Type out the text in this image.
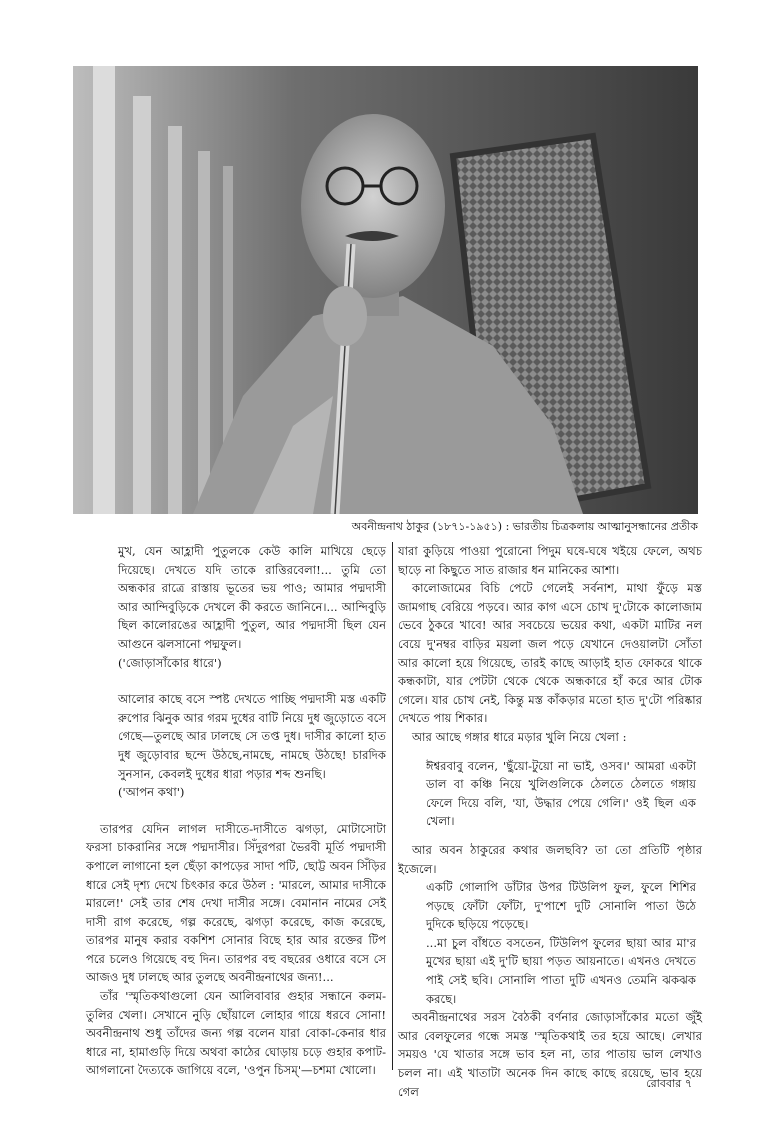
অবনীন্দ্রনাথ ঠাকুর (১৮৭১-১৯৫১) : ভারতীয় চিত্রকলায় আত্মানুসন্ধানের প্রতীক

মুখ, যেন আহ্লাদী পুতুলকে কেউ কালি মাখিয়ে ছেড়ে দিয়েছে। দেখতে যদি তাকে রাত্তিরবেলা!... তুমি তো অন্ধকার রাত্রে রাস্তায় ভূতের ভয় পাও; আমার পদ্মদাসী আর আন্দিবুড়িকে দেখলে কী করতে জানিনে।... আন্দিবুড়ি ছিল কালোরঙের আহ্লাদী পুতুল, আর পদ্মদাসী ছিল যেন আগুনে ঝলসানো পদ্মফুল।

('জোড়াসাঁকোর ধারে')

আলোর কাছে বসে স্পষ্ট দেখতে পাচ্ছি পদ্মদাসী মস্ত একটি রুপোর ঝিনুক আর গরম দুধের বাটি নিয়ে দুধ জুড়োতে বসে গেছে—তুলছে আর ঢালছে সে তপ্ত দুধ। দাসীর কালো হাত দুধ জুড়োবার ছন্দে উঠছে,নামছে, নামছে উঠছে! চারদিক সুনসান, কেবলই দুধের ধারা পড়ার শব্দ শুনছি।

('আপন কথা')

তারপর যেদিন লাগল দাসীতে-দাসীতে ঝগড়া, মোটাসোটা ফরসা চাকরানির সঙ্গে পদ্মদাসীর। সিঁদুরপরা ভৈরবী মূর্তি পদ্মদাসী কপালে লাগানো হল ছেঁড়া কাপড়ের সাদা পটি, ছোট্ট অবন সিঁড়ির ধারে সেই দৃশ্য দেখে চিৎকার করে উঠল : 'মারলে, আমার দাসীকে মারলে!' সেই তার শেষ দেখা দাসীর সঙ্গে। বেমানান নামের সেই দাসী রাগ করেছে, গল্প করেছে, ঝগড়া করেছে, কাজ করেছে, তারপর মানুষ করার বকশিশ সোনার বিছে হার আর রক্তের টিপ পরে চলেও গিয়েছে বহু দিন। তারপর বহু বছরের ওধারে বসে সে আজও দুধ ঢালছে আর তুলছে অবনীন্দ্রনাথের জন্য!...

তাঁর 'স্মৃতিকথাগুলো যেন আলিবাবার গুহার সন্ধানে কলম-তুলির খেলা। সেখানে নুড়ি ছোঁয়ালে লোহার গায়ে ধরবে সোনা! অবনীন্দ্রনাথ শুধু তাঁদের জন্য গল্প বলেন যারা বোকা-কেনার ধার ধারে না, হামাগুড়ি দিয়ে অথবা কাঠের ঘোড়ায় চড়ে গুহার কপাট-আগলানো দৈত্যকে জাগিয়ে বলে, 'ওপুন চিসম্'—চশমা খোলো।

যারা কুড়িয়ে পাওয়া পুরোনো পিদুম ঘষে-ঘষে খইয়ে ফেলে, অথচ ছাড়ে না কিছুতে সাত রাজার ধন মানিকের আশা।

কালোজামের বিচি পেটে গেলেই সর্বনাশ, মাথা ফুঁড়ে মস্ত জামগাছ বেরিয়ে পড়বে। আর কাগ এসে চোখ দু'টোকে কালোজাম ভেবে ঠুকরে খাবে! আর সবচেয়ে ভয়ের কথা, একটা মাটির নল বেয়ে দু'নম্বর বাড়ির ময়লা জল পড়ে যেখানে দেওয়ালটা সোঁতা আর কালো হয়ে গিয়েছে, তারই কাছে আড়াই হাত ফোকরে থাকে কন্ধকাটা, যার পেটটা থেকে থেকে অন্ধকারে হাঁ করে আর টোক গেলে। যার চোখ নেই, কিন্তু মস্ত কাঁকড়ার মতো হাত দু'টো পরিষ্কার দেখতে পায় শিকার।

আর আছে গঙ্গার ধারে মড়ার খুলি নিয়ে খেলা :

ঈশ্বরবাবু বলেন, 'ছুঁয়ো-টুয়ো না ভাই, ওসব।' আমরা একটা ডাল বা কঞ্চি নিয়ে খুলিগুলিকে ঠেলতে ঠেলতে গঙ্গায় ফেলে দিয়ে বলি, 'যা, উদ্ধার পেয়ে গেলি।' ওই ছিল এক খেলা।

আর অবন ঠাকুরের কথার জলছবি? তা তো প্রতিটি পৃষ্ঠার ইজেলে।

একটি গোলাপি ডাঁটার উপর টিউলিপ ফুল, ফুলে শিশির পড়ছে ফোঁটা ফোঁটা, দু'পাশে দুটি সোনালি পাতা উঠে দুদিকে ছড়িয়ে পড়েছে।

...মা চুল বাঁধতে বসতেন, টিউলিপ ফুলের ছায়া আর মা'র মুখের ছায়া এই দু'টি ছায়া পড়ত আয়নাতে। এখনও দেখতে পাই সেই ছবি। সোনালি পাতা দুটি এখনও তেমনি ঝকঝক করছে।

অবনীন্দ্রনাথের সরস বৈঠকী বর্ণনার জোড়াসাঁকোর মতো জুঁই আর বেলফুলের গন্ধে সমস্ত 'স্মৃতিকথাই তর হয়ে আছে। লেখার সময়ও 'যে খাতার সঙ্গে ভাব হল না, তার পাতায় ভাল লেখাও চলল না। এই খাতাটা অনেক দিন কাছে কাছে রয়েছে, ভাব হয়ে গেল

রোববার ৭
